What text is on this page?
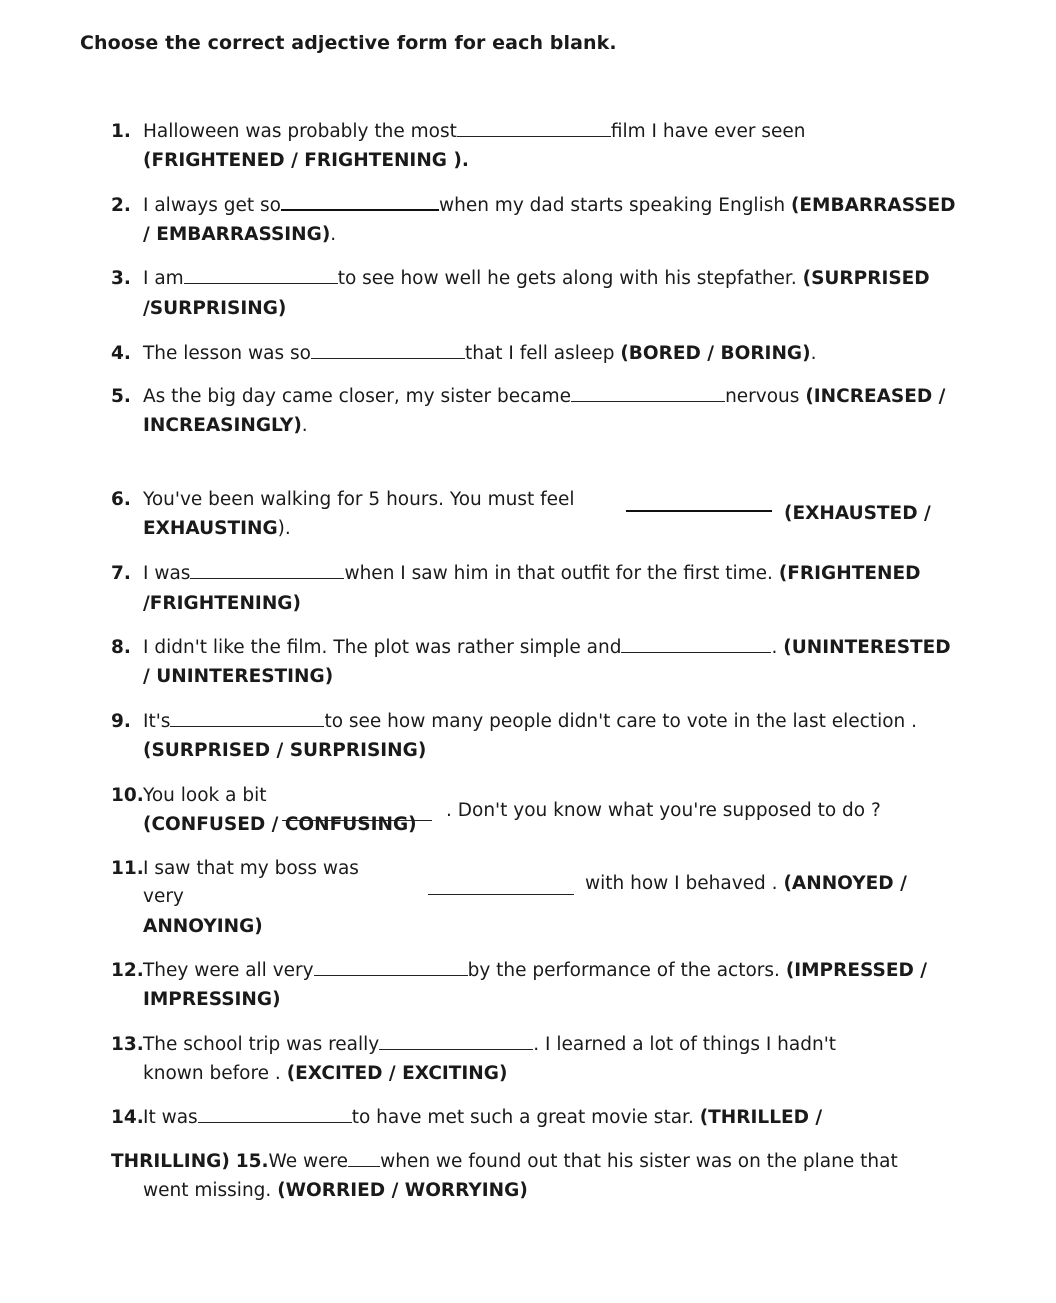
Choose the correct adjective form for each blank.
1. Halloween was probably the most	film I have ever seen
(FRIGHTENED / FRIGHTENING ).
2. I always get so	when my dad starts speaking English (EMBARRASSED
/ EMBARRASSING).
3. I am	to see how well he gets along with his stepfather. (SURPRISED
/SURPRISING)
4. The lesson was so	that I fell asleep (BORED / BORING).
5. As the big day came closer, my sister became	nervous (INCREASED /
INCREASINGLY).
6. You've been walking for 5 hours. You must feel
(EXHAUSTED /
EXHAUSTING).
7. I was	when I saw him in that outfit for the first time. (FRIGHTENED
/FRIGHTENING)
8. I didn't like the film. The plot was rather simple and	. (UNINTERESTED
/ UNINTERESTING)
9. It's	to see how many people didn't care to vote in the last election .
(SURPRISED / SURPRISING)
10.You look a bit
(CONFUSED / CONFUSING)
. Don't you know what you're supposed to do ?
11.I saw that my boss was
very
with how I behaved . (ANNOYED /
ANNOYING)
12.They were all very	by the performance of the actors. (IMPRESSED /
IMPRESSING)
13.The school trip was really	. I learned a lot of things I hadn't
known before . (EXCITED / EXCITING)
14.It was	to have met such a great movie star. (THRILLED /
THRILLING) 15.We were when we found out that his sister was on the plane that
went missing. (WORRIED / WORRYING)
